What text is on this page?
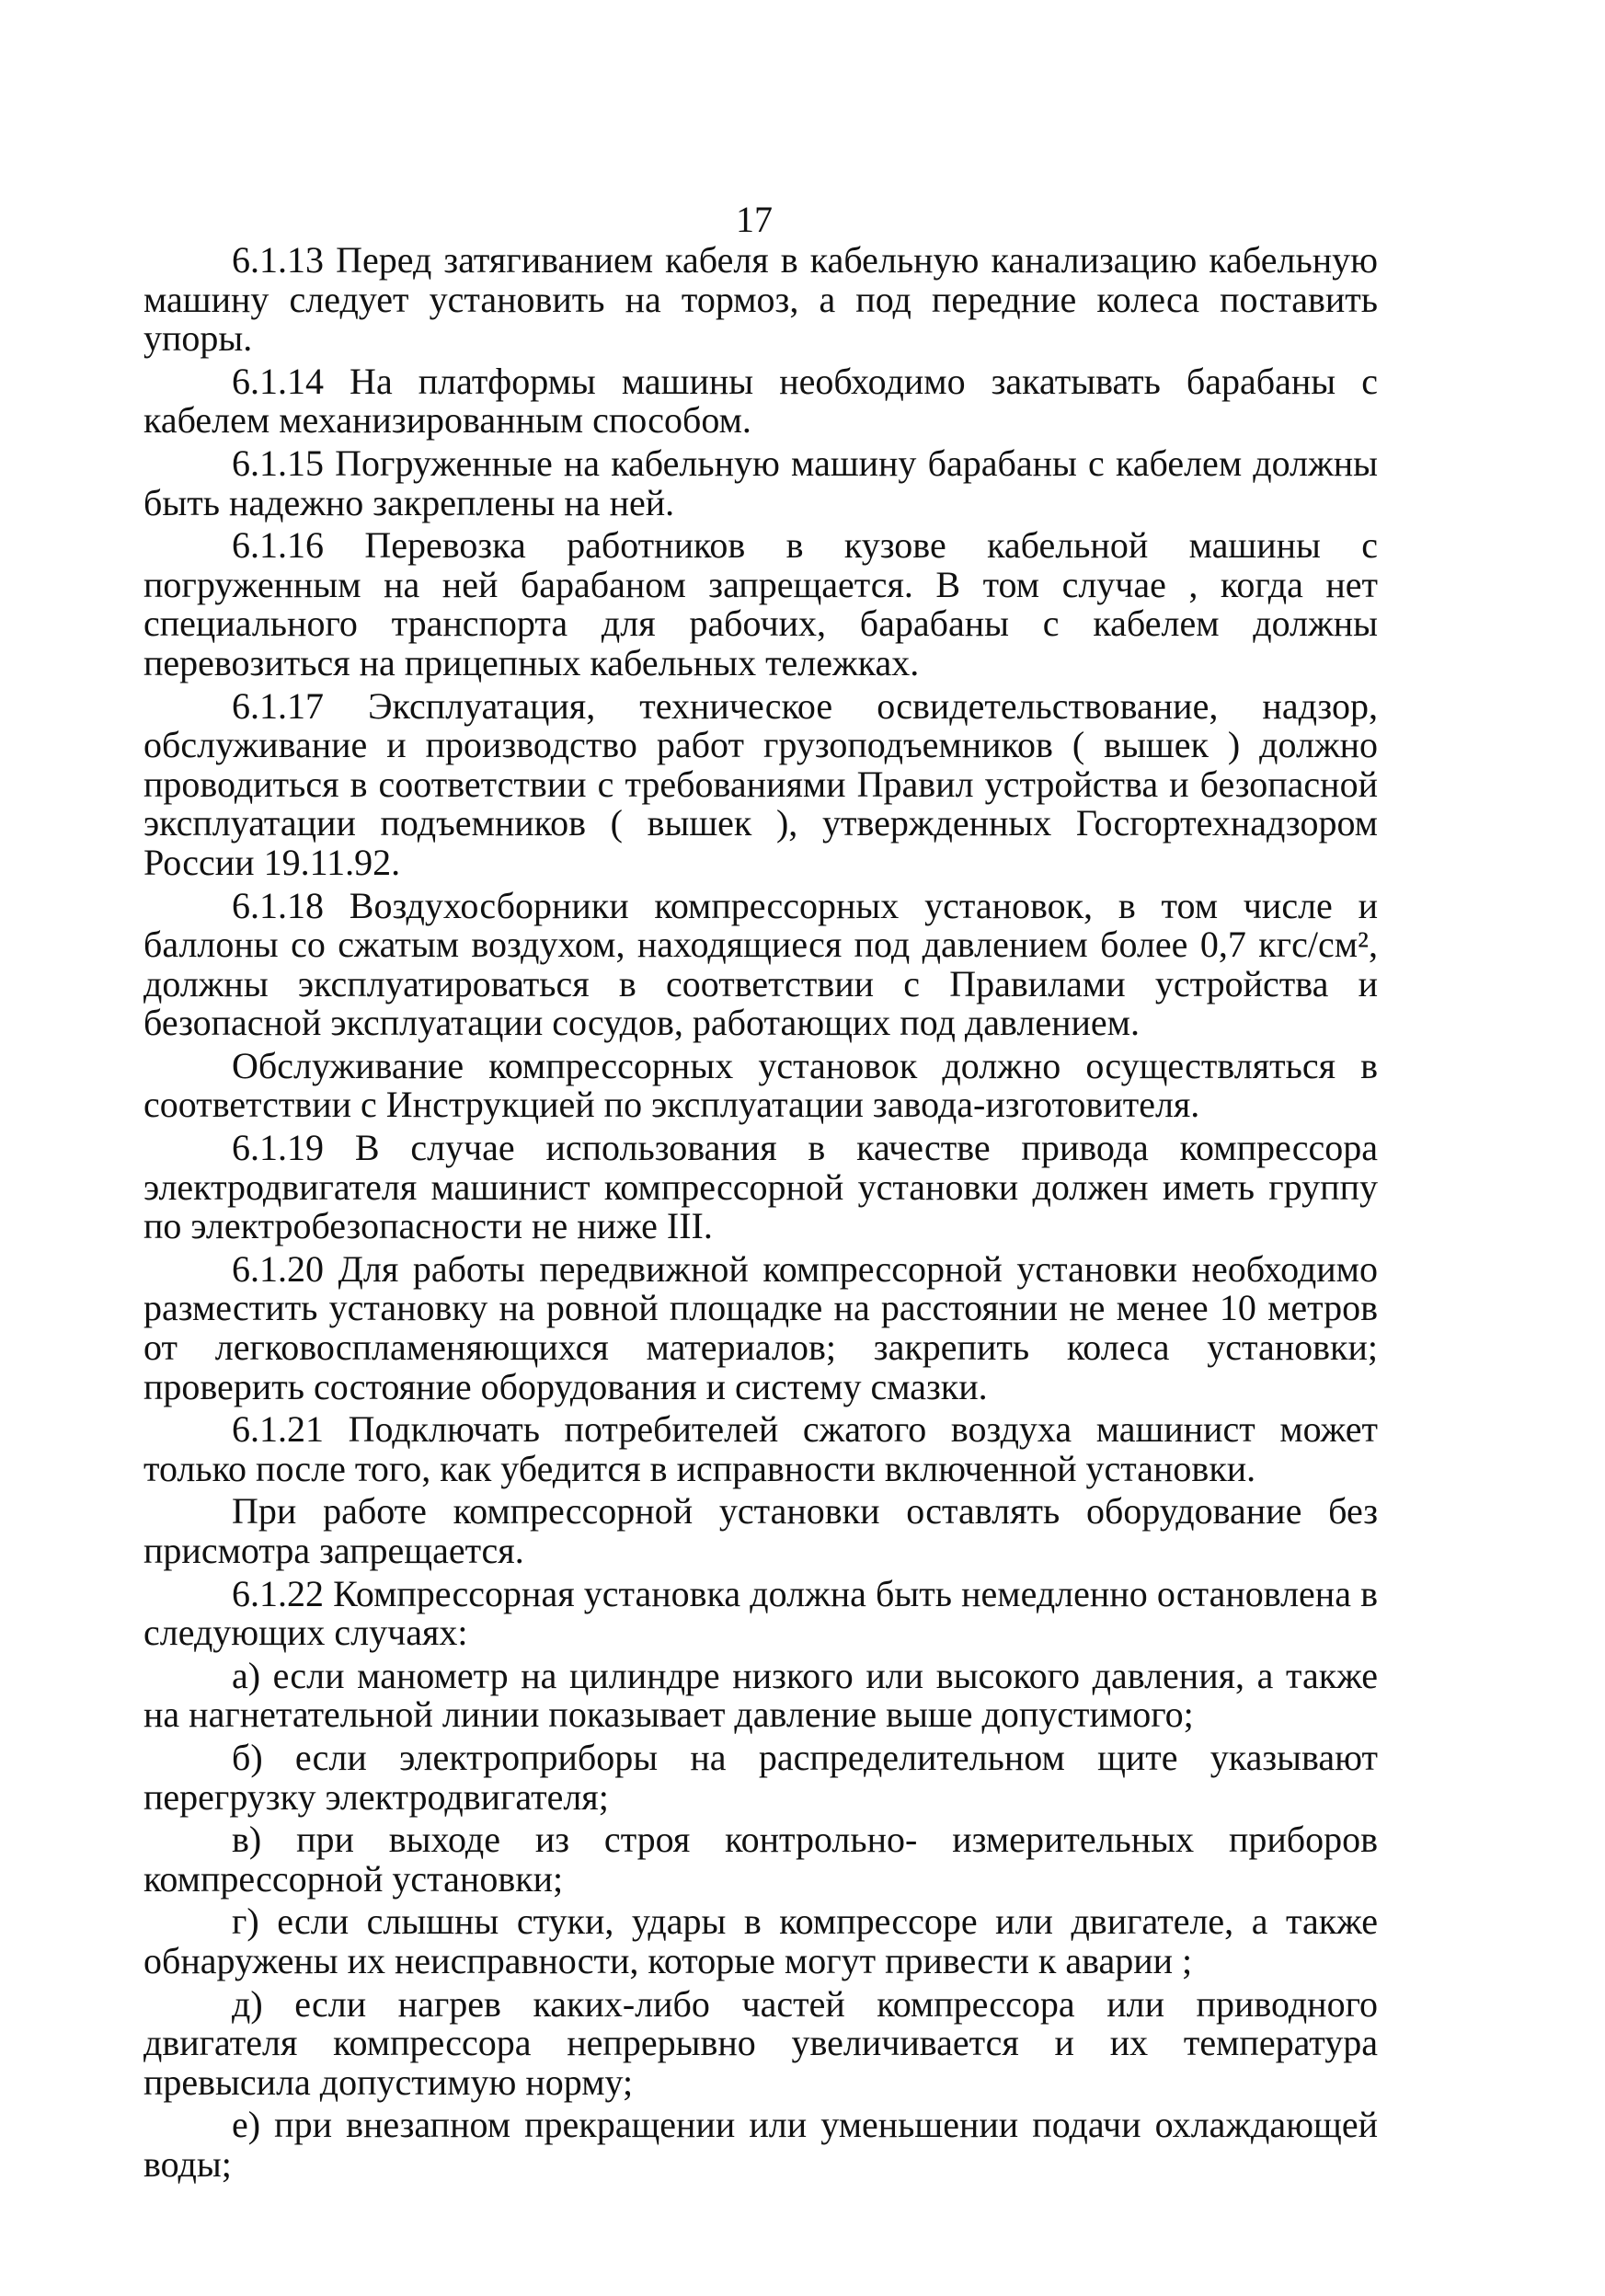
17

6.1.13 Перед затягиванием кабеля в кабельную канализацию кабельную машину следует установить на тормоз, а под передние колеса поставить упоры.

6.1.14 На платформы машины необходимо закатывать барабаны с кабелем механизированным способом.

6.1.15 Погруженные на кабельную машину барабаны с кабелем должны быть надежно закреплены на ней.

6.1.16 Перевозка работников в кузове кабельной машины с погруженным на ней барабаном запрещается. В том случае , когда нет специального транспорта для рабочих, барабаны с кабелем должны перевозиться на прицепных кабельных тележках.

6.1.17 Эксплуатация, техническое освидетельствование, надзор, обслуживание и производство работ грузоподъемников ( вышек ) должно проводиться в соответствии с требованиями Правил устройства и безопасной эксплуатации подъемников ( вышек ), утвержденных Госгортехнадзором России 19.11.92.

6.1.18 Воздухосборники компрессорных установок, в том числе и баллоны со сжатым воздухом, находящиеся под давлением более 0,7 кгс/см², должны эксплуатироваться в соответствии с Правилами устройства и безопасной эксплуатации сосудов, работающих под давлением.

Обслуживание компрессорных установок должно осуществляться в соответствии с Инструкцией по эксплуатации завода-изготовителя.

6.1.19 В случае использования в качестве привода компрессора электродвигателя машинист компрессорной установки должен иметь группу по электробезопасности не ниже III.

6.1.20 Для работы передвижной компрессорной установки необходимо разместить установку на ровной площадке на расстоянии не менее 10 метров от легковоспламеняющихся материалов; закрепить колеса установки; проверить состояние оборудования и систему смазки.

6.1.21 Подключать потребителей сжатого воздуха машинист может только после того, как убедится в исправности включенной установки.

При работе компрессорной установки оставлять оборудование без присмотра запрещается.

6.1.22 Компрессорная установка должна быть немедленно остановлена в следующих случаях:

а) если манометр на цилиндре низкого или высокого давления, а также на нагнетательной линии показывает давление выше допустимого;

б) если электроприборы на распределительном щите указывают перегрузку электродвигателя;

в) при выходе из строя контрольно- измерительных приборов компрессорной установки;

г) если слышны стуки, удары в компрессоре или двигателе, а также обнаружены их неисправности, которые могут привести к аварии ;

д) если нагрев каких-либо частей компрессора или приводного двигателя компрессора непрерывно увеличивается и их температура превысила допустимую норму;

е) при внезапном прекращении или уменьшении подачи охлаждающей воды;
